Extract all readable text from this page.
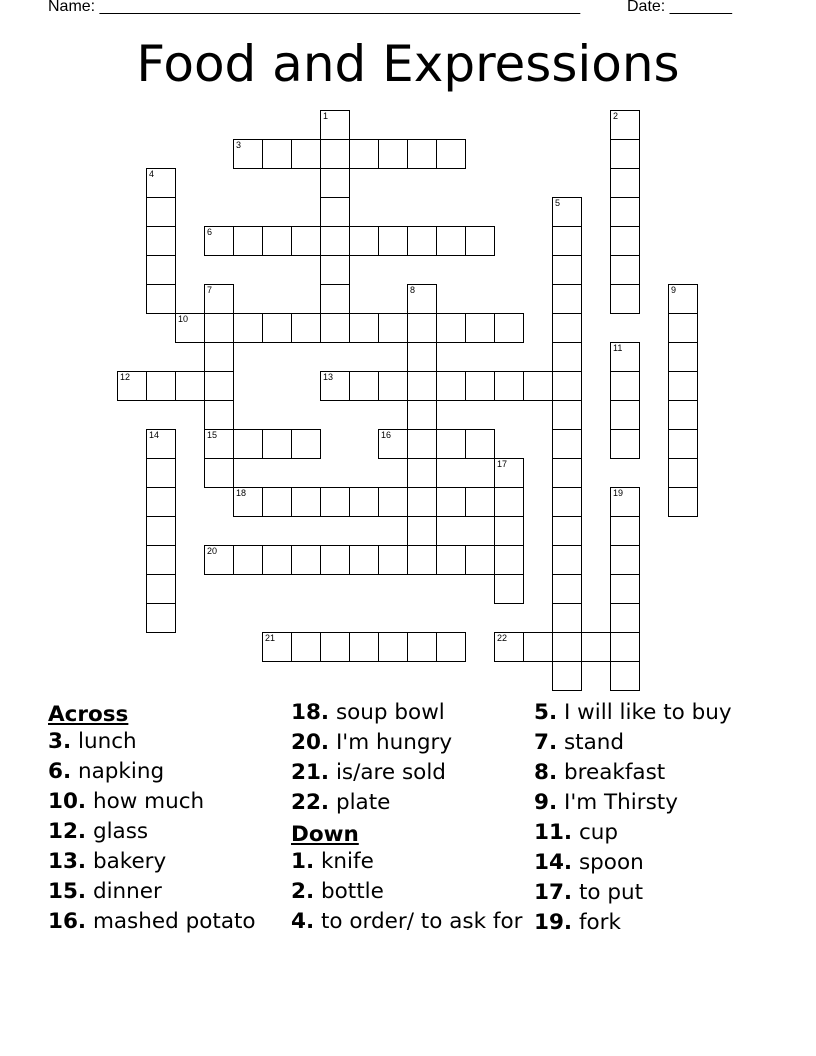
Name: ______________________________________________________	Date: _______
Food and Expressions
1	2
3
4
5
6
7	8	9
10
11
12	13
14	15	16
17
18	19
20
21	22
Across
3. lunch
6. napking
10. how much
12. glass
13. bakery
15. dinner
16. mashed potato
18. soup bowl
20. I'm hungry
21. is/are sold
22. plate
Down
1. knife
2. bottle
4. to order/ to ask for
5. I will like to buy
7. stand
8. breakfast
9. I'm Thirsty
11. cup
14. spoon
17. to put
19. fork
